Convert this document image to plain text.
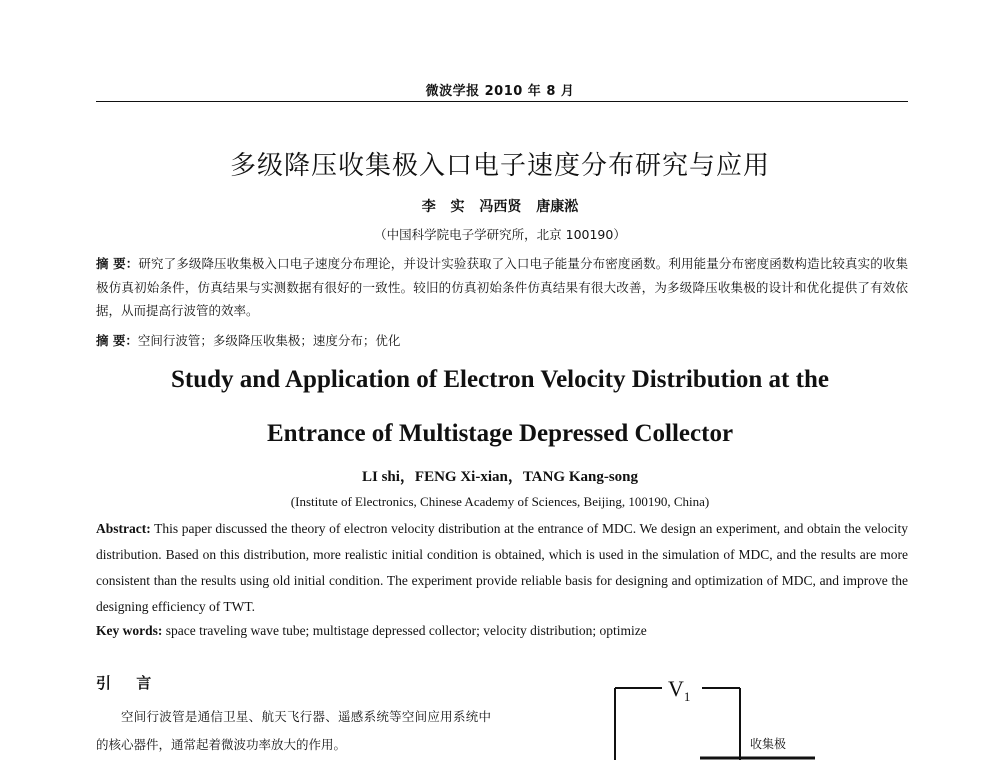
微波学报 2010 年 8 月
多级降压收集极入口电子速度分布研究与应用
李 实 冯西贤 唐康淞
（中国科学院电子学研究所，北京 100190）
摘 要：研究了多级降压收集极入口电子速度分布理论，并设计实验获取了入口电子能量分布密度函数。利用能量分布密度函数构造比较真实的收集极仿真初始条件，仿真结果与实测数据有很好的一致性。较旧的仿真初始条件仿真结果有很大改善，为多级降压收集极的设计和优化提供了有效依据，从而提高行波管的效率。
摘 要：空间行波管；多级降压收集极；速度分布；优化
Study and Application of Electron Velocity Distribution at the
Entrance of Multistage Depressed Collector
LI shi，FENG Xi-xian，TANG Kang-song
(Institute of Electronics, Chinese Academy of Sciences, Beijing, 100190, China)
Abstract: This paper discussed the theory of electron velocity distribution at the entrance of MDC. We design an experiment, and obtain the velocity distribution. Based on this distribution, more realistic initial condition is obtained, which is used in the simulation of MDC, and the results are more consistent than the results using old initial condition. The experiment provide reliable basis for designing and optimization of MDC, and improve the designing efficiency of TWT.
Key words: space traveling wave tube; multistage depressed collector; velocity distribution; optimize
引 言
空间行波管是通信卫星、航天飞行器、遥感系统等空间应用系统中的核心器件，通常起着微波功率放大的作用。
$V_1$
收集极
